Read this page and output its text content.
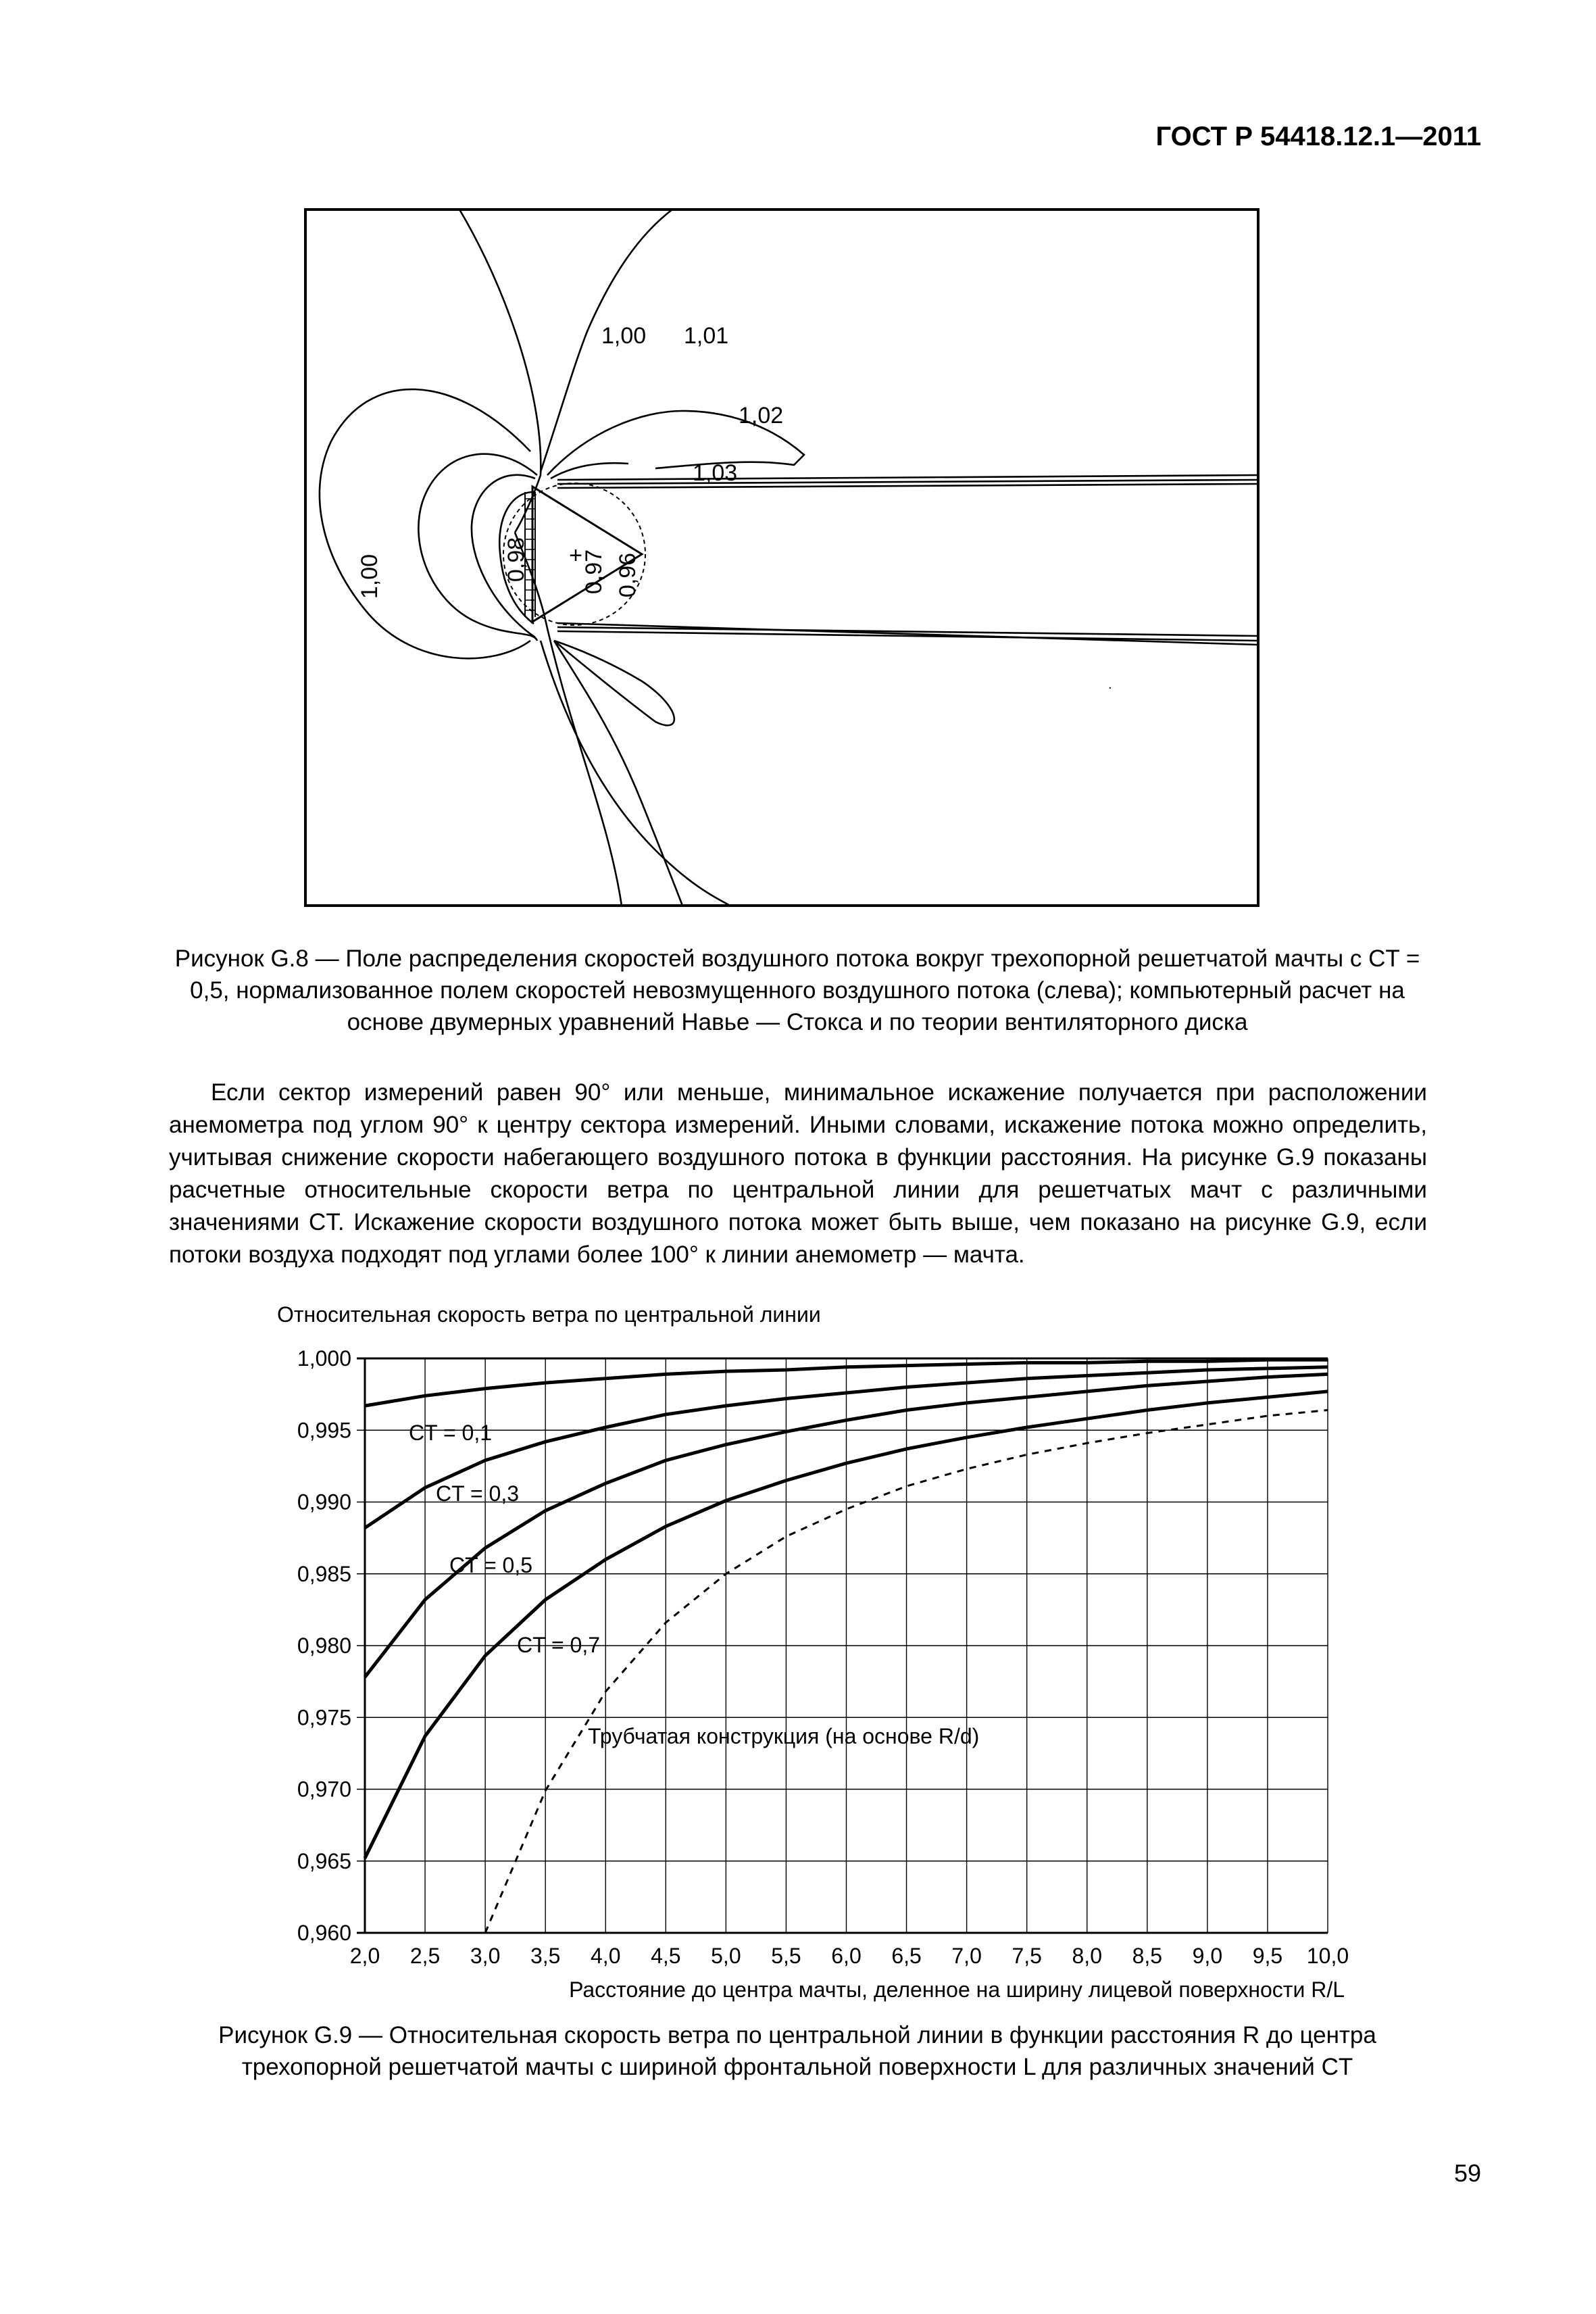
ГОСТ Р 54418.12.1—2011
+
1,00 1,01
1,02
1,03
1,00	0,98 0,97 0,96
.
Рисунок G.8 — Поле распределения скоростей воздушного потока вокруг трехопорной решетчатой мачты с CT = 0,5, нормализованное полем скоростей невозмущенного воздушного потока (слева); компьютерный расчет на основе двумерных уравнений Навье — Стокса и по теории вентиляторного диска
Если сектор измерений равен 90° или меньше, минимальное искажение получается при расположении анемометра под углом 90° к центру сектора измерений. Иными словами, искажение потока можно определить, учитывая снижение скорости набегающего воздушного потока в функции расстояния. На рисунке G.9 показаны расчетные относительные скорости ветра по центральной линии для решетчатых мачт с различными значениями CT. Искажение скорости воздушного потока может быть выше, чем показано на рисунке G.9, если потоки воздуха подходят под углами более 100° к линии анемометр — мачта.
Относительная скорость ветра по центральной линии
2,0 2,5 3,0 3,5 4,0 4,5 5,0 5,5 6,0 6,5 7,0 7,5 8,0 8,5 9,0 9,5 10,0
1,000
0,995
0,990
0,985
0,980
0,975
0,970
0,965
0,960
Расстояние до центра мачты, деленное на ширину лицевой поверхности R/L
CT = 0,1
CT = 0,3
CT = 0,5
CT = 0,7
Трубчатая конструкция (на основе R/d)
Рисунок G.9 — Относительная скорость ветра по центральной линии в функции расстояния R до центра трехопорной решетчатой мачты с шириной фронтальной поверхности L для различных значений CT
59
